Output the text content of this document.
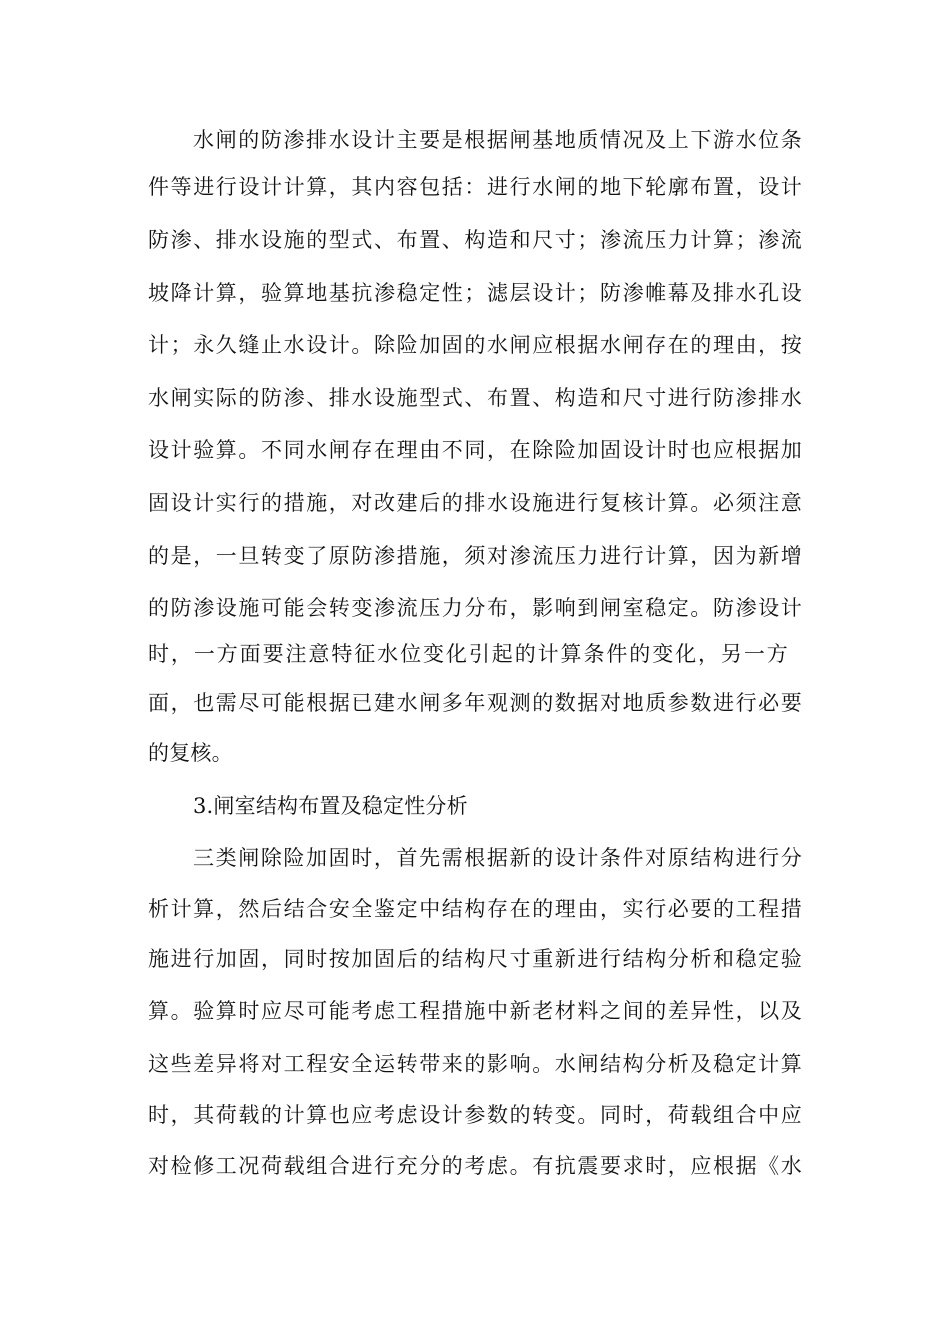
水闸的防渗排水设计主要是根据闸基地质情况及上下游水位条
件等进行设计计算，其内容包括：进行水闸的地下轮廓布置，设计
防渗、排水设施的型式、布置、构造和尺寸；渗流压力计算；渗流
坡降计算，验算地基抗渗稳定性；滤层设计；防渗帷幕及排水孔设
计；永久缝止水设计。除险加固的水闸应根据水闸存在的理由，按
水闸实际的防渗、排水设施型式、布置、构造和尺寸进行防渗排水
设计验算。不同水闸存在理由不同，在除险加固设计时也应根据加
固设计实行的措施，对改建后的排水设施进行复核计算。必须注意
的是，一旦转变了原防渗措施，须对渗流压力进行计算，因为新增
的防渗设施可能会转变渗流压力分布，影响到闸室稳定。防渗设计
时，一方面要注意特征水位变化引起的计算条件的变化，另一方
面，也需尽可能根据已建水闸多年观测的数据对地质参数进行必要
的复核。
3.闸室结构布置及稳定性分析
三类闸除险加固时，首先需根据新的设计条件对原结构进行分
析计算，然后结合安全鉴定中结构存在的理由，实行必要的工程措
施进行加固，同时按加固后的结构尺寸重新进行结构分析和稳定验
算。验算时应尽可能考虑工程措施中新老材料之间的差异性，以及
这些差异将对工程安全运转带来的影响。水闸结构分析及稳定计算
时，其荷载的计算也应考虑设计参数的转变。同时，荷载组合中应
对检修工况荷载组合进行充分的考虑。有抗震要求时，应根据《水
